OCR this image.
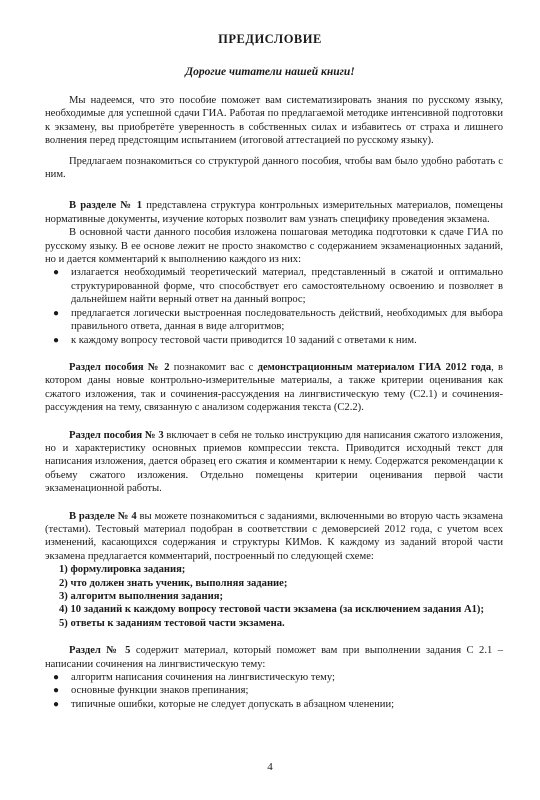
ПРЕДИСЛОВИЕ
Дорогие читатели нашей книги!

Мы надеемся, что это пособие поможет вам систематизировать знания по русскому языку, необходимые для успешной сдачи ГИА. Работая по предлагаемой методике интенсивной подготовки к экзамену, вы приобретёте уверенность в собственных силах и избавитесь от страха и лишнего волнения перед предстоящим испытанием (итоговой аттестацией по русскому языку).

Предлагаем познакомиться со структурой данного пособия, чтобы вам было удобно работать с ним.

В разделе № 1 представлена структура контрольных измерительных материалов, помещены нормативные документы, изучение которых позволит вам узнать специфику проведения экзамена.

В основной части данного пособия изложена пошаговая методика подготовки к сдаче ГИА по русскому языку. В ее основе лежит не просто знакомство с содержанием экзаменационных заданий, но и дается комментарий к выполнению каждого из них:

● излагается необходимый теоретический материал, представленный в сжатой и оптимально структурированной форме, что способствует его самостоятельному освоению и позволяет в дальнейшем найти верный ответ на данный вопрос;
● предлагается логически выстроенная последовательность действий, необходимых для выбора правильного ответа, данная в виде алгоритмов;
● к каждому вопросу тестовой части приводится 10 заданий с ответами к ним.

Раздел пособия № 2 познакомит вас с демонстрационным материалом ГИА 2012 года, в котором даны новые контрольно-измерительные материалы, а также критерии оценивания как сжатого изложения, так и сочинения-рассуждения на лингвистическую тему (С2.1) и сочинения-рассуждения на тему, связанную с анализом содержания текста (С2.2).

Раздел пособия № 3 включает в себя не только инструкцию для написания сжатого изложения, но и характеристику основных приемов компрессии текста. Приводится исходный текст для написания изложения, дается образец его сжатия и комментарии к нему. Содержатся рекомендации к объему сжатого изложения. Отдельно помещены критерии оценивания первой части экзаменационной работы.

В разделе № 4 вы можете познакомиться с заданиями, включенными во вторую часть экзамена (тестами). Тестовый материал подобран в соответствии с демоверсией 2012 года, с учетом всех изменений, касающихся содержания и структуры КИМов. К каждому из заданий второй части экзамена предлагается комментарий, построенный по следующей схеме:

1) формулировка задания;
2) что должен знать ученик, выполняя задание;
3) алгоритм выполнения задания;
4) 10 заданий к каждому вопросу тестовой части экзамена (за исключением задания А1);
5) ответы к заданиям тестовой части экзамена.

Раздел № 5 содержит материал, который поможет вам при выполнении задания С 2.1 – написании сочинения на лингвистическую тему:

● алгоритм написания сочинения на лингвистическую тему;
● основные функции знаков препинания;
● типичные ошибки, которые не следует допускать в абзацном членении;
4
